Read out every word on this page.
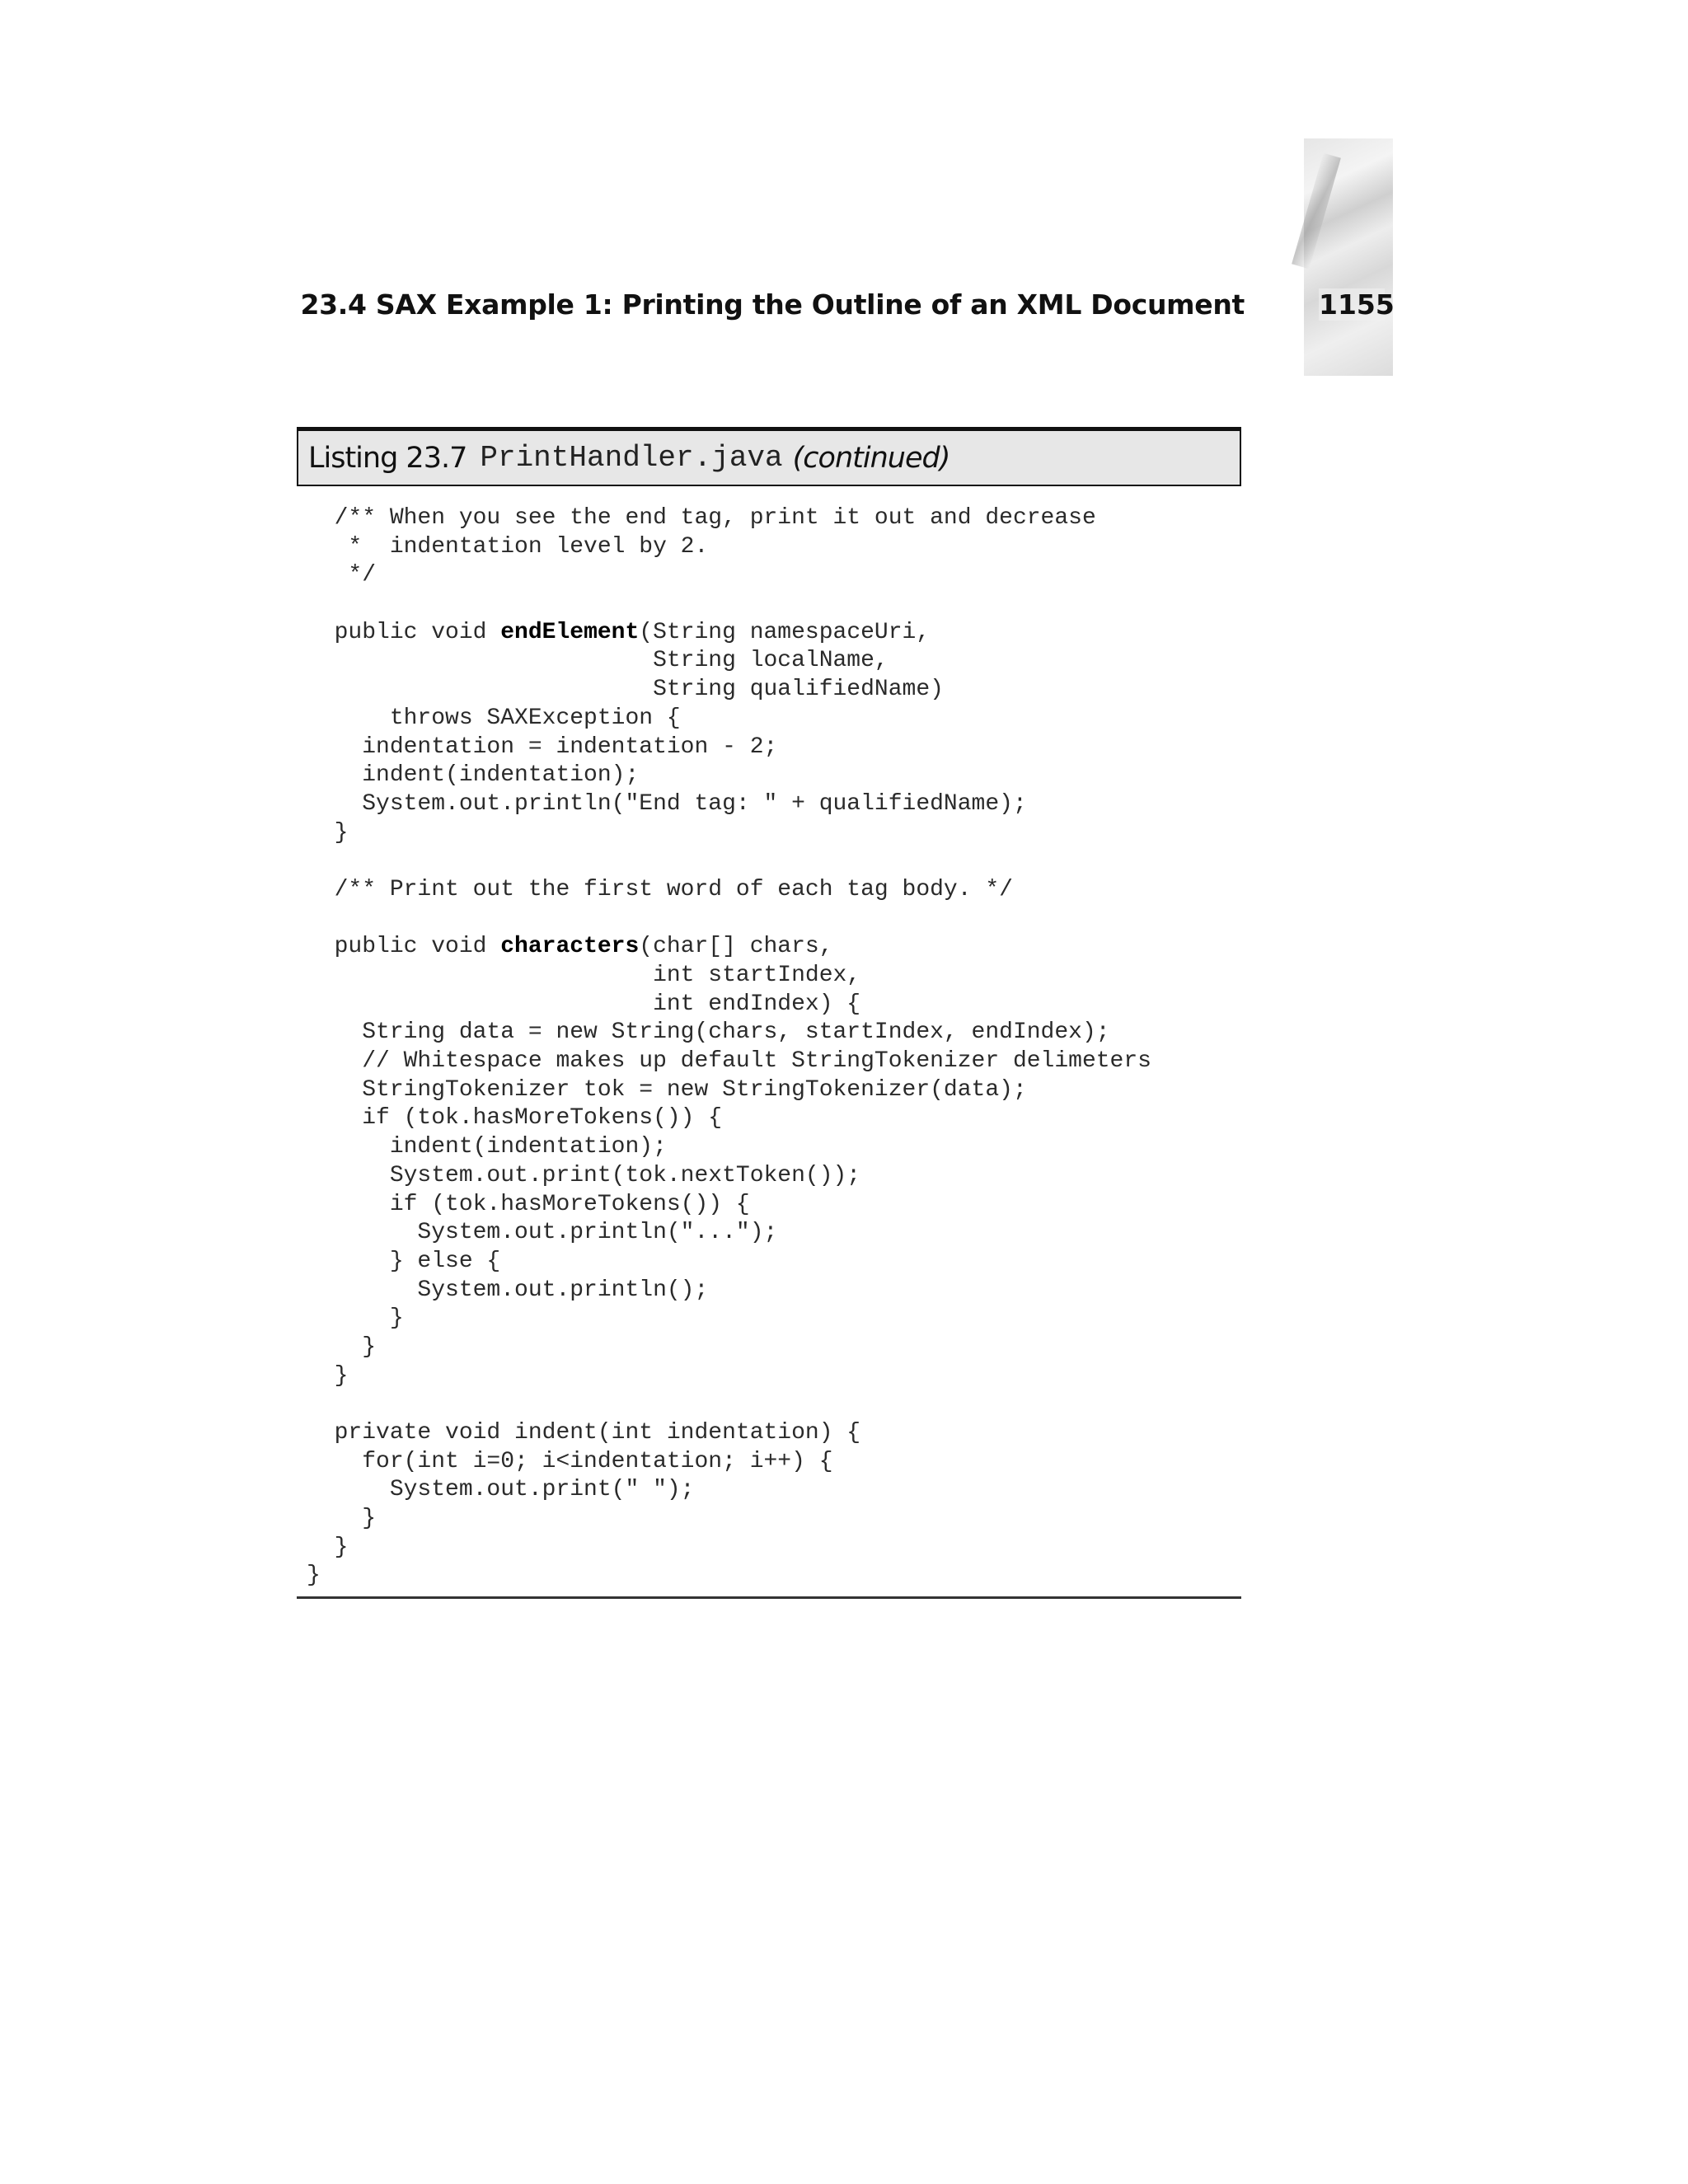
23.4 SAX Example 1: Printing the Outline of an XML Document	1155
Listing 23.7 PrintHandler.java (continued)
/** When you see the end tag, print it out and decrease
*  indentation level by 2.
*/
public void endElement(String namespaceUri,
String localName,
String qualifiedName)
throws SAXException {
indentation = indentation - 2;
indent(indentation);
System.out.println("End tag: " + qualifiedName);
}
/** Print out the first word of each tag body. */
public void characters(char[] chars,
int startIndex,
int endIndex) {
String data = new String(chars, startIndex, endIndex);
// Whitespace makes up default StringTokenizer delimeters
StringTokenizer tok = new StringTokenizer(data);
if (tok.hasMoreTokens()) {
indent(indentation);
System.out.print(tok.nextToken());
if (tok.hasMoreTokens()) {
System.out.println("...");
} else {
System.out.println();
}
}
}
private void indent(int indentation) {
for(int i=0; i<indentation; i++) {
System.out.print(" ");
}
}
}
